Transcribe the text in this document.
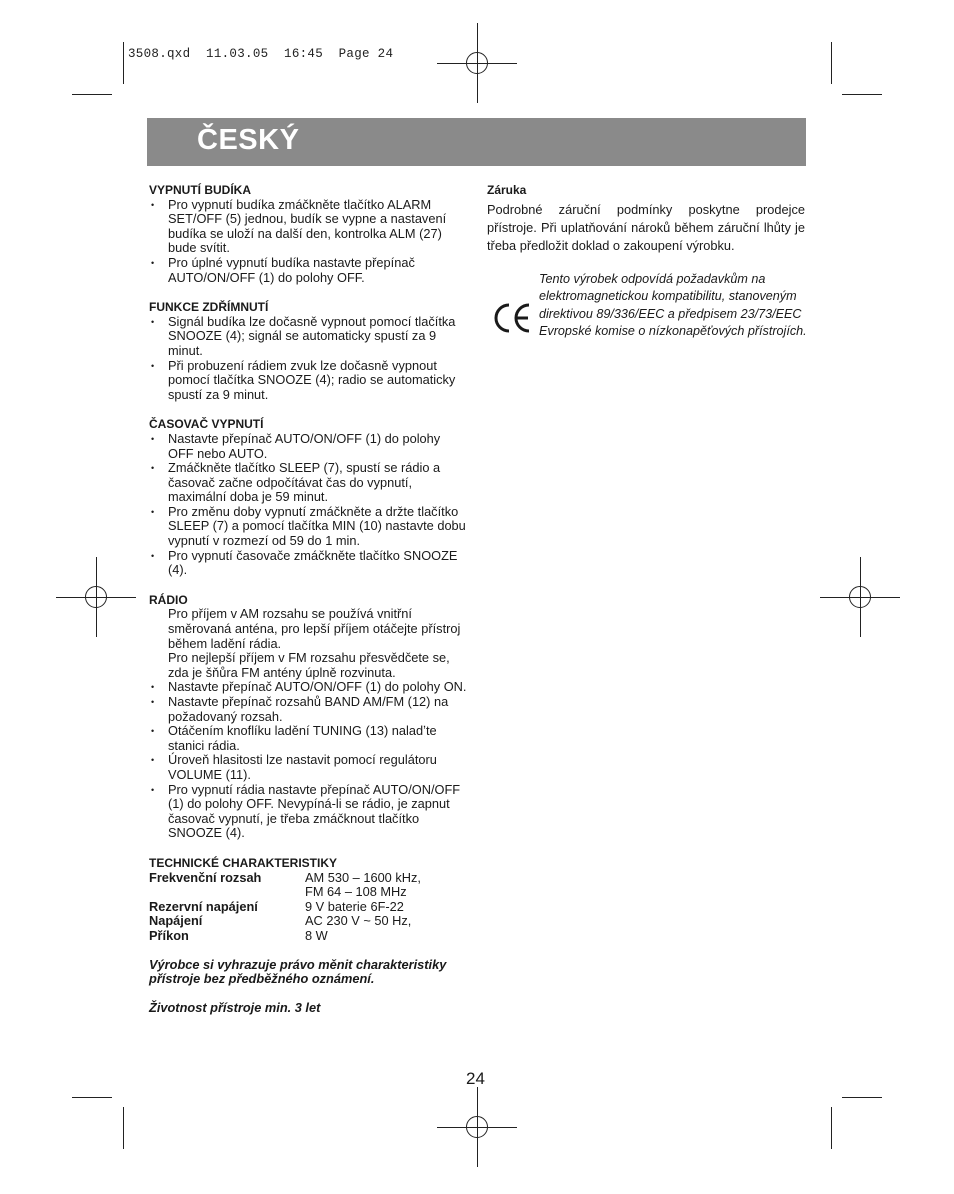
3508.qxd  11.03.05  16:45  Page 24
ČESKÝ
VYPNUTÍ BUDÍKA
• Pro vypnutí budíka zmáčkněte tlačítko ALARM SET/OFF (5) jednou, budík se vypne a nastavení budíka se uloží na další den, kontrolka ALM (27) bude svítit.
• Pro úplné vypnutí budíka nastavte přepínač AUTO/ON/OFF (1) do polohy OFF.
FUNKCE ZDŘÍMNUTÍ
• Signál budíka lze dočasně vypnout pomocí tlačítka SNOOZE (4); signál se automaticky spustí za 9 minut.
• Při probuzení rádiem zvuk lze dočasně vypnout pomocí tlačítka SNOOZE (4); radio se automaticky spustí za 9 minut.
ČASOVAČ VYPNUTÍ
• Nastavte přepínač AUTO/ON/OFF (1) do polohy OFF nebo AUTO.
• Zmáčkněte tlačítko SLEEP (7), spustí se rádio a časovač začne odpočítávat čas do vypnutí, maximální doba je 59 minut.
• Pro změnu doby vypnutí zmáčkněte a držte tlačítko SLEEP (7) a pomocí tlačítka MIN (10) nastavte dobu vypnutí v rozmezí od 59 do 1 min.
• Pro vypnutí časovače zmáčkněte tlačítko SNOOZE (4).
RÁDIO
Pro příjem v AM rozsahu se používá vnitřní směrovaná anténa, pro lepší příjem otáčejte přístroj během ladění rádia.
Pro nejlepší příjem v FM rozsahu přesvědčete se, zda je šňůra FM antény úplně rozvinuta.
• Nastavte přepínač AUTO/ON/OFF (1) do polohy ON.
• Nastavte přepínač rozsahů BAND AM/FM (12) na požadovaný rozsah.
• Otáčením knoflíku ladění TUNING (13) naladʼte stanici rádia.
• Úroveň hlasitosti lze nastavit pomocí regulátoru VOLUME (11).
• Pro vypnutí rádia nastavte přepínač AUTO/ON/OFF (1) do polohy OFF. Nevypíná-li se rádio, je zapnut časovač vypnutí, je třeba zmáčknout tlačítko SNOOZE (4).
TECHNICKÉ CHARAKTERISTIKY
Frekvenční rozsah	AM 530 – 1600 kHz,
FM 64 – 108 MHz
Rezervní napájení	9 V baterie 6F-22
Napájení	AC 230 V ~ 50 Hz,
Příkon	8 W
Výrobce si vyhrazuje právo měnit charakteristiky přístroje bez předběžného oznámení.
Životnost přístroje min. 3 let
Záruka
Podrobné záruční podmínky poskytne prodejce přístroje. Při uplatňování nároků během záruční lhůty je třeba předložit doklad o zakoupení výrobku.
Tento výrobek odpovídá požadavkům na elektromagnetickou kompatibilitu, stanoveným direktivou 89/336/EEC a předpisem 23/73/EEC Evropské komise o nízkonapěťových přístrojích.
24
